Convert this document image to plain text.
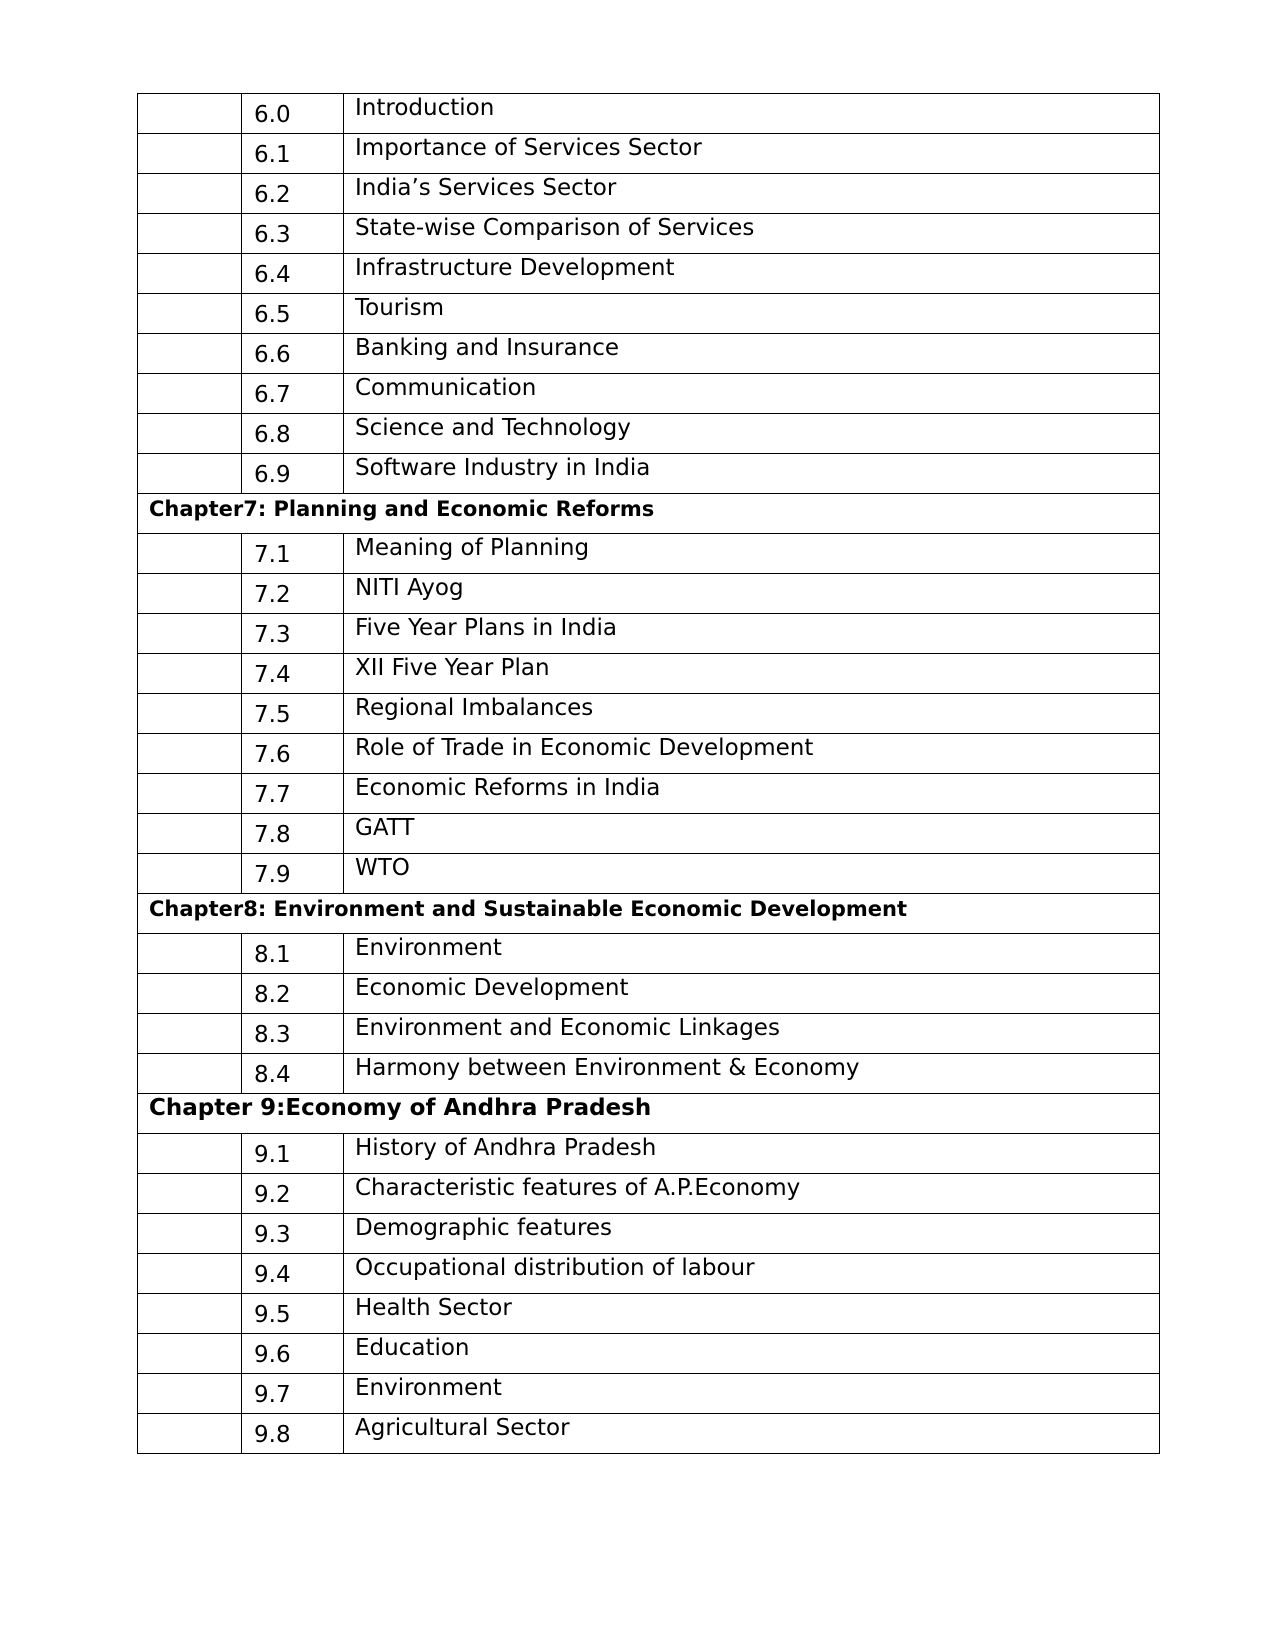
	6.0	Introduction
	6.1	Importance of Services Sector
	6.2	India’s Services Sector
	6.3	State-wise Comparison of Services
	6.4	Infrastructure Development
	6.5	Tourism
	6.6	Banking and Insurance
	6.7	Communication
	6.8	Science and Technology
	6.9	Software Industry in India
Chapter7: Planning and Economic Reforms		
	7.1	Meaning of Planning
	7.2	NITI Ayog
	7.3	Five Year Plans in India
	7.4	XII Five Year Plan
	7.5	Regional Imbalances
	7.6	Role of Trade in Economic Development
	7.7	Economic Reforms in India
	7.8	GATT
	7.9	WTO
Chapter8: Environment and Sustainable Economic Development		
	8.1	Environment
	8.2	Economic Development
	8.3	Environment and Economic Linkages
	8.4	Harmony between Environment & Economy
Chapter 9:Economy of Andhra Pradesh		
	9.1	History of Andhra Pradesh
	9.2	Characteristic features of A.P.Economy
	9.3	Demographic features
	9.4	Occupational distribution of labour
	9.5	Health Sector
	9.6	Education
	9.7	Environment
	9.8	Agricultural Sector
